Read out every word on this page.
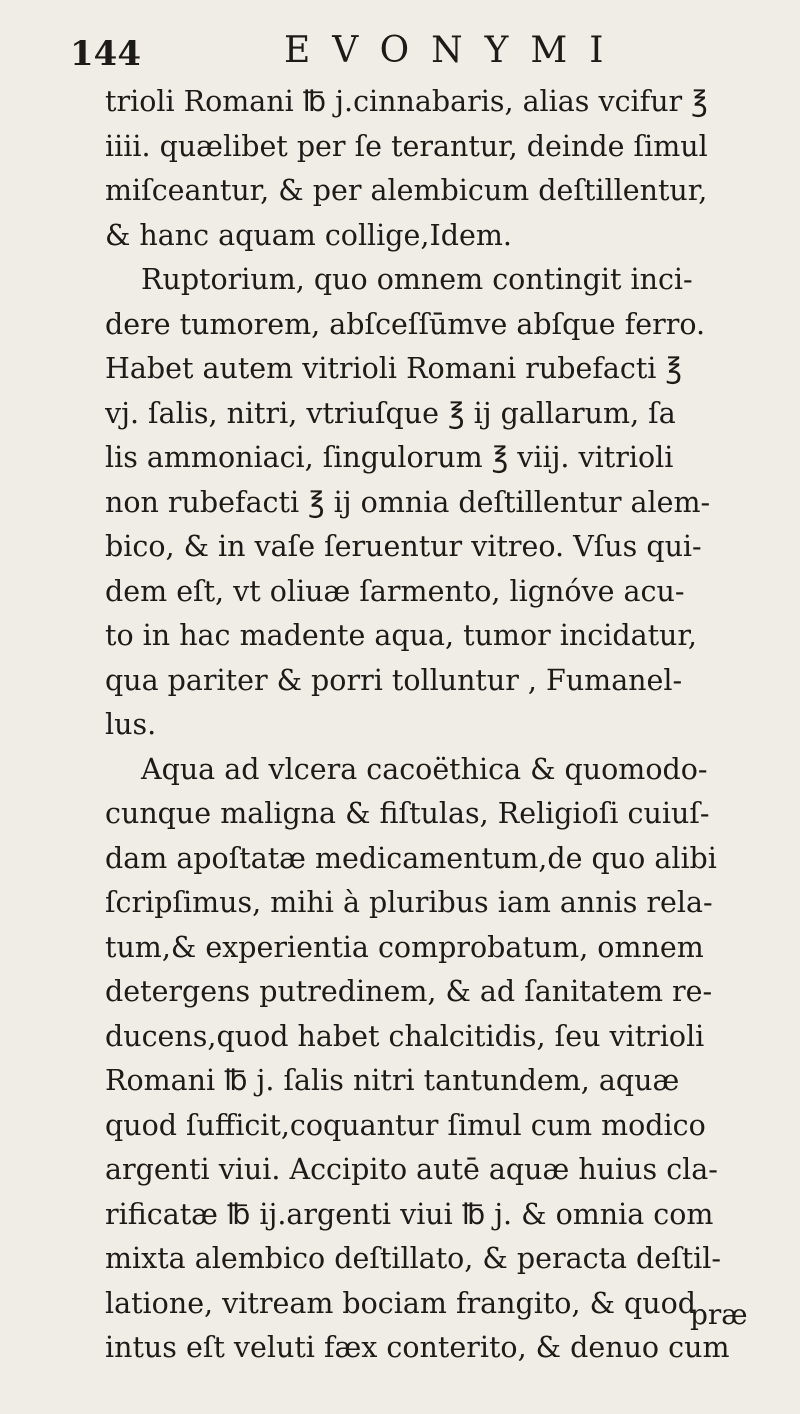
144	EVONYMI
trioli Romani ℔ j.cinnabaris, alias vcifur ℥
iiii. quælibet per ſe terantur, deinde ſimul
miſceantur, & per alembicum deſtillentur,
& hanc aquam collige,Idem.
Ruptorium, quo omnem contingit inci-
dere tumorem, abſceſſūmve abſque ferro.
Habet autem vitrioli Romani rubefacti ℥
vj. ſalis, nitri, vtriuſque ℥ ij gallarum, ſa
lis ammoniaci, ſingulorum ℥ viij. vitrioli
non rubefacti ℥ ij omnia deſtillentur alem-
bico, & in vaſe ſeruentur vitreo. Vſus qui-
dem eſt, vt oliuæ ſarmento, lignóve acu-
to in hac madente aqua, tumor incidatur,
qua pariter & porri tolluntur , Fumanel-
lus.
Aqua ad vlcera cacoëthica & quomodo-
cunque maligna & fiſtulas, Religioſi cuiuſ-
dam apoſtatæ medicamentum,de quo alibi
ſcripſimus, mihi à pluribus iam annis rela-
tum,& experientia comprobatum, omnem
detergens putredinem, & ad ſanitatem re-
ducens,quod habet chalcitidis, ſeu vitrioli
Romani ℔ j. ſalis nitri tantundem, aquæ
quod ſufficit,coquantur ſimul cum modico
argenti viui. Accipito autē aquæ huius cla-
rificatæ ℔ ij.argenti viui ℔ j. & omnia com
mixta alembico deſtillato, & peracta deſtil-
latione, vitream bociam frangito, & quod
intus eſt veluti fæx conterito, & denuo cum
præ
